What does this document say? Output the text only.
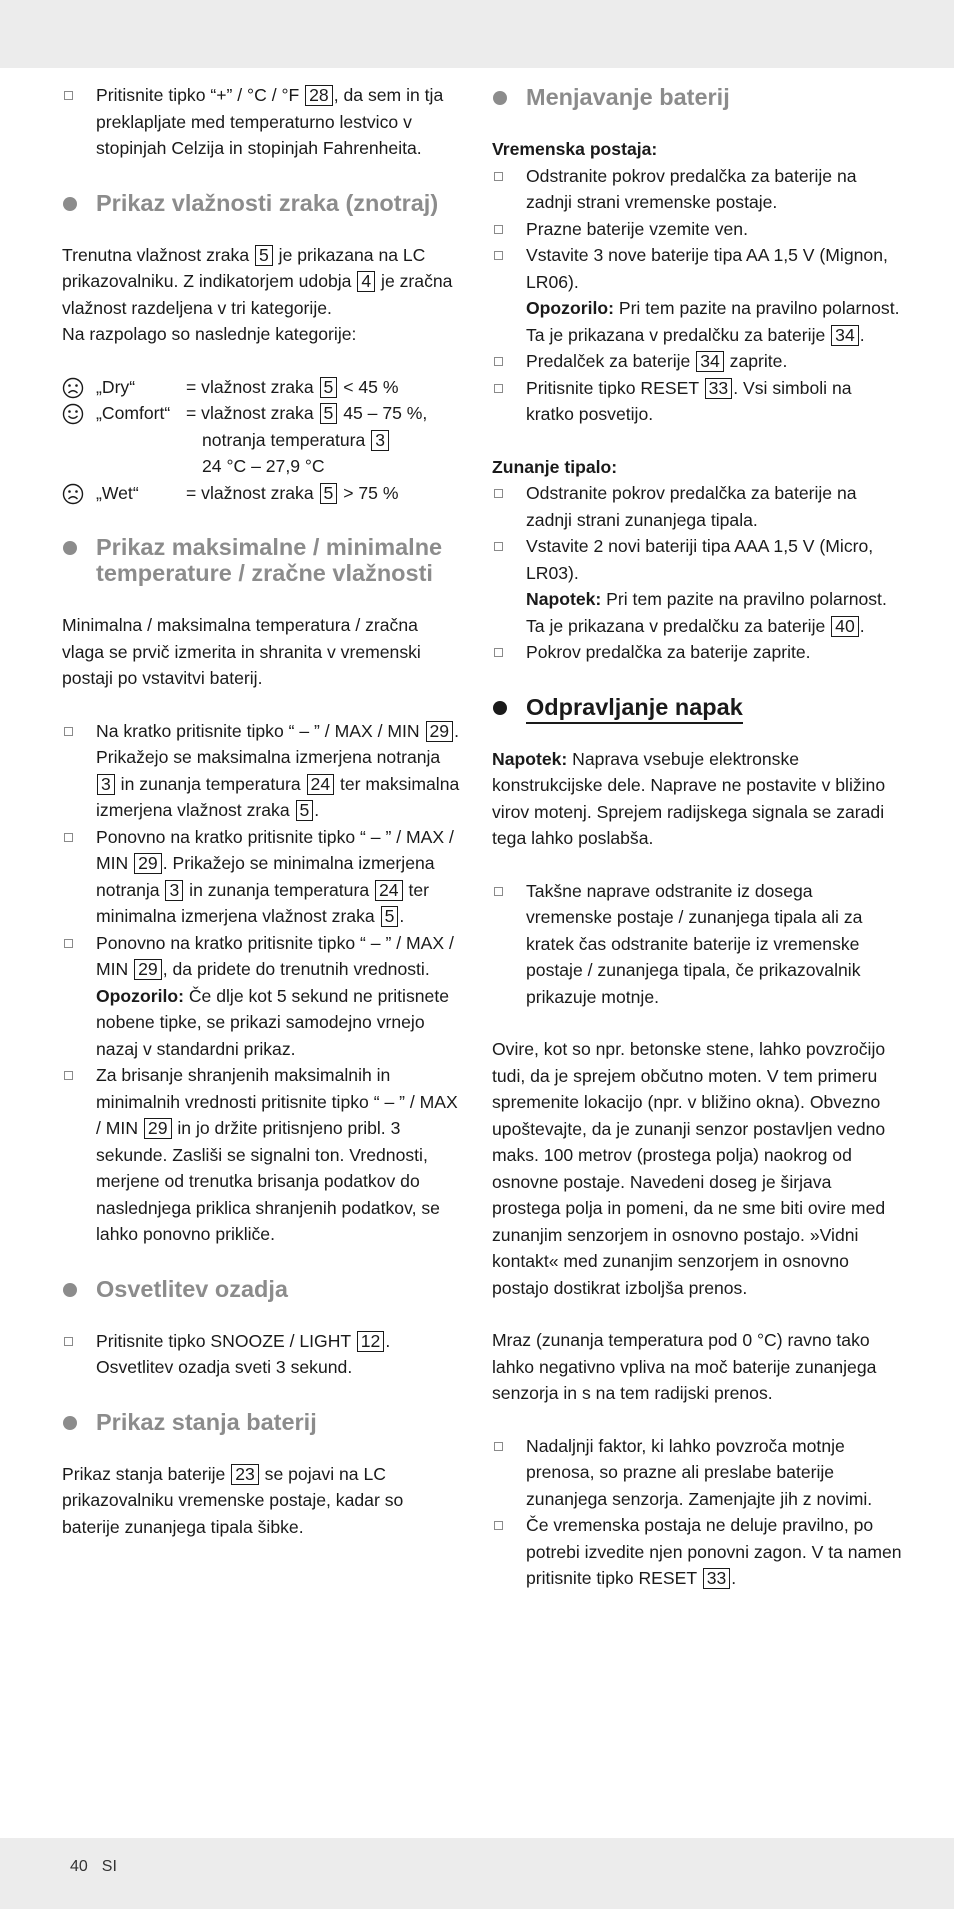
Pritisnite tipko “+” / °C / °F 28 , da sem in tja preklapljate med temperaturno lestvico v stopinjah Celzija in stopinjah Fahrenheita.
Prikaz vlažnosti zraka (znotraj)

Trenutna vlažnost zraka 5 je prikazana na LC prikazovalniku. Z indikatorjem udobja 4 je zračna vlažnost razdeljena v tri kategorije.

Na razpolago so naslednje kategorije:

„Dry“	= vlažnost zraka 5 < 45 %
„Comfort“ = vlažnost zraka 5 45 – 75 %,
notranja temperatura 3
24 °C – 27,9 °C
„Wet“	= vlažnost zraka 5 > 75 %
Prikaz maksimalne / minimalne temperature / zračne vlažnosti

Minimalna / maksimalna temperatura / zračna vlaga se prvič izmerita in shranita v vremenski postaji po vstavitvi baterij.

Na kratko pritisnite tipko “ – ” / MAX / MIN 29 . Prikažejo se maksimalna izmerjena notranja 3 in zunanja temperatura 24 ter maksimalna izmerjena vlažnost zraka 5 .
Ponovno na kratko pritisnite tipko “ – ” / MAX / MIN 29 . Prikažejo se minimalna izmerjena notranja 3 in zunanja temperatura 24 ter minimalna izmerjena vlažnost zraka 5 .
Ponovno na kratko pritisnite tipko “ – ” / MAX / MIN 29 , da pridete do trenutnih vrednosti.
Opozorilo: Če dlje kot 5 sekund ne pritisnete nobene tipke, se prikazi samodejno vrnejo nazaj v standardni prikaz.
Za brisanje shranjenih maksimalnih in minimalnih vrednosti pritisnite tipko “ – ” / MAX / MIN 29 in jo držite pritisnjeno pribl. 3 sekunde. Zasliši se signalni ton. Vrednosti, merjene od trenutka brisanja podatkov do naslednjega priklica shranjenih podatkov, se lahko ponovno prikliče.
Osvetlitev ozadja
Pritisnite tipko SNOOZE / LIGHT 12 . Osvetlitev ozadja sveti 3 sekund.
Prikaz stanja baterij

Prikaz stanja baterije 23 se pojavi na LC prikazovalniku vremenske postaje, kadar so baterije zunanjega tipala šibke.

Menjavanje baterij
Vremenska postaja:
Odstranite pokrov predalčka za baterije na zadnji strani vremenske postaje.
Prazne baterije vzemite ven.
Vstavite 3 nove baterije tipa AA 1,5 V (Mignon, LR06).
Opozorilo: Pri tem pazite na pravilno polarnost. Ta je prikazana v predalčku za baterije 34 .
Predalček za baterije 34 zaprite.
Pritisnite tipko RESET 33 . Vsi simboli na kratko posvetijo.
Zunanje tipalo:
Odstranite pokrov predalčka za baterije na zadnji strani zunanjega tipala.
Vstavite 2 novi bateriji tipa AAA 1,5 V (Micro, LR03).
Napotek: Pri tem pazite na pravilno polarnost. Ta je prikazana v predalčku za baterije 40 .
Pokrov predalčka za baterije zaprite.
Odpravljanje napak

Napotek: Naprava vsebuje elektronske konstrukcijske dele. Naprave ne postavite v bližino virov motenj. Sprejem radijskega signala se zaradi tega lahko poslabša.

Takšne naprave odstranite iz dosega vremenske postaje / zunanjega tipala ali za kratek čas odstranite baterije iz vremenske postaje / zunanjega tipala, če prikazovalnik prikazuje motnje.

Ovire, kot so npr. betonske stene, lahko povzročijo tudi, da je sprejem občutno moten. V tem primeru spremenite lokacijo (npr. v bližino okna). Obvezno upoštevajte, da je zunanji senzor postavljen vedno maks. 100 metrov (prostega polja) naokrog od osnovne postaje. Navedeni doseg je širjava prostega polja in pomeni, da ne sme biti ovire med zunanjim senzorjem in osnovno postajo. »Vidni kontakt« med zunanjim senzorjem in osnovno postajo dostikrat izboljša prenos.

Mraz (zunanja temperatura pod 0 °C) ravno tako lahko negativno vpliva na moč baterije zunanjega senzorja in s na tem radijski prenos.

Nadaljnji faktor, ki lahko povzroča motnje prenosa, so prazne ali preslabe baterije zunanjega senzorja. Zamenjajte jih z novimi.
Če vremenska postaja ne deluje pravilno, po potrebi izvedite njen ponovni zagon. V ta namen pritisnite tipko RESET 33 .
40 SI
